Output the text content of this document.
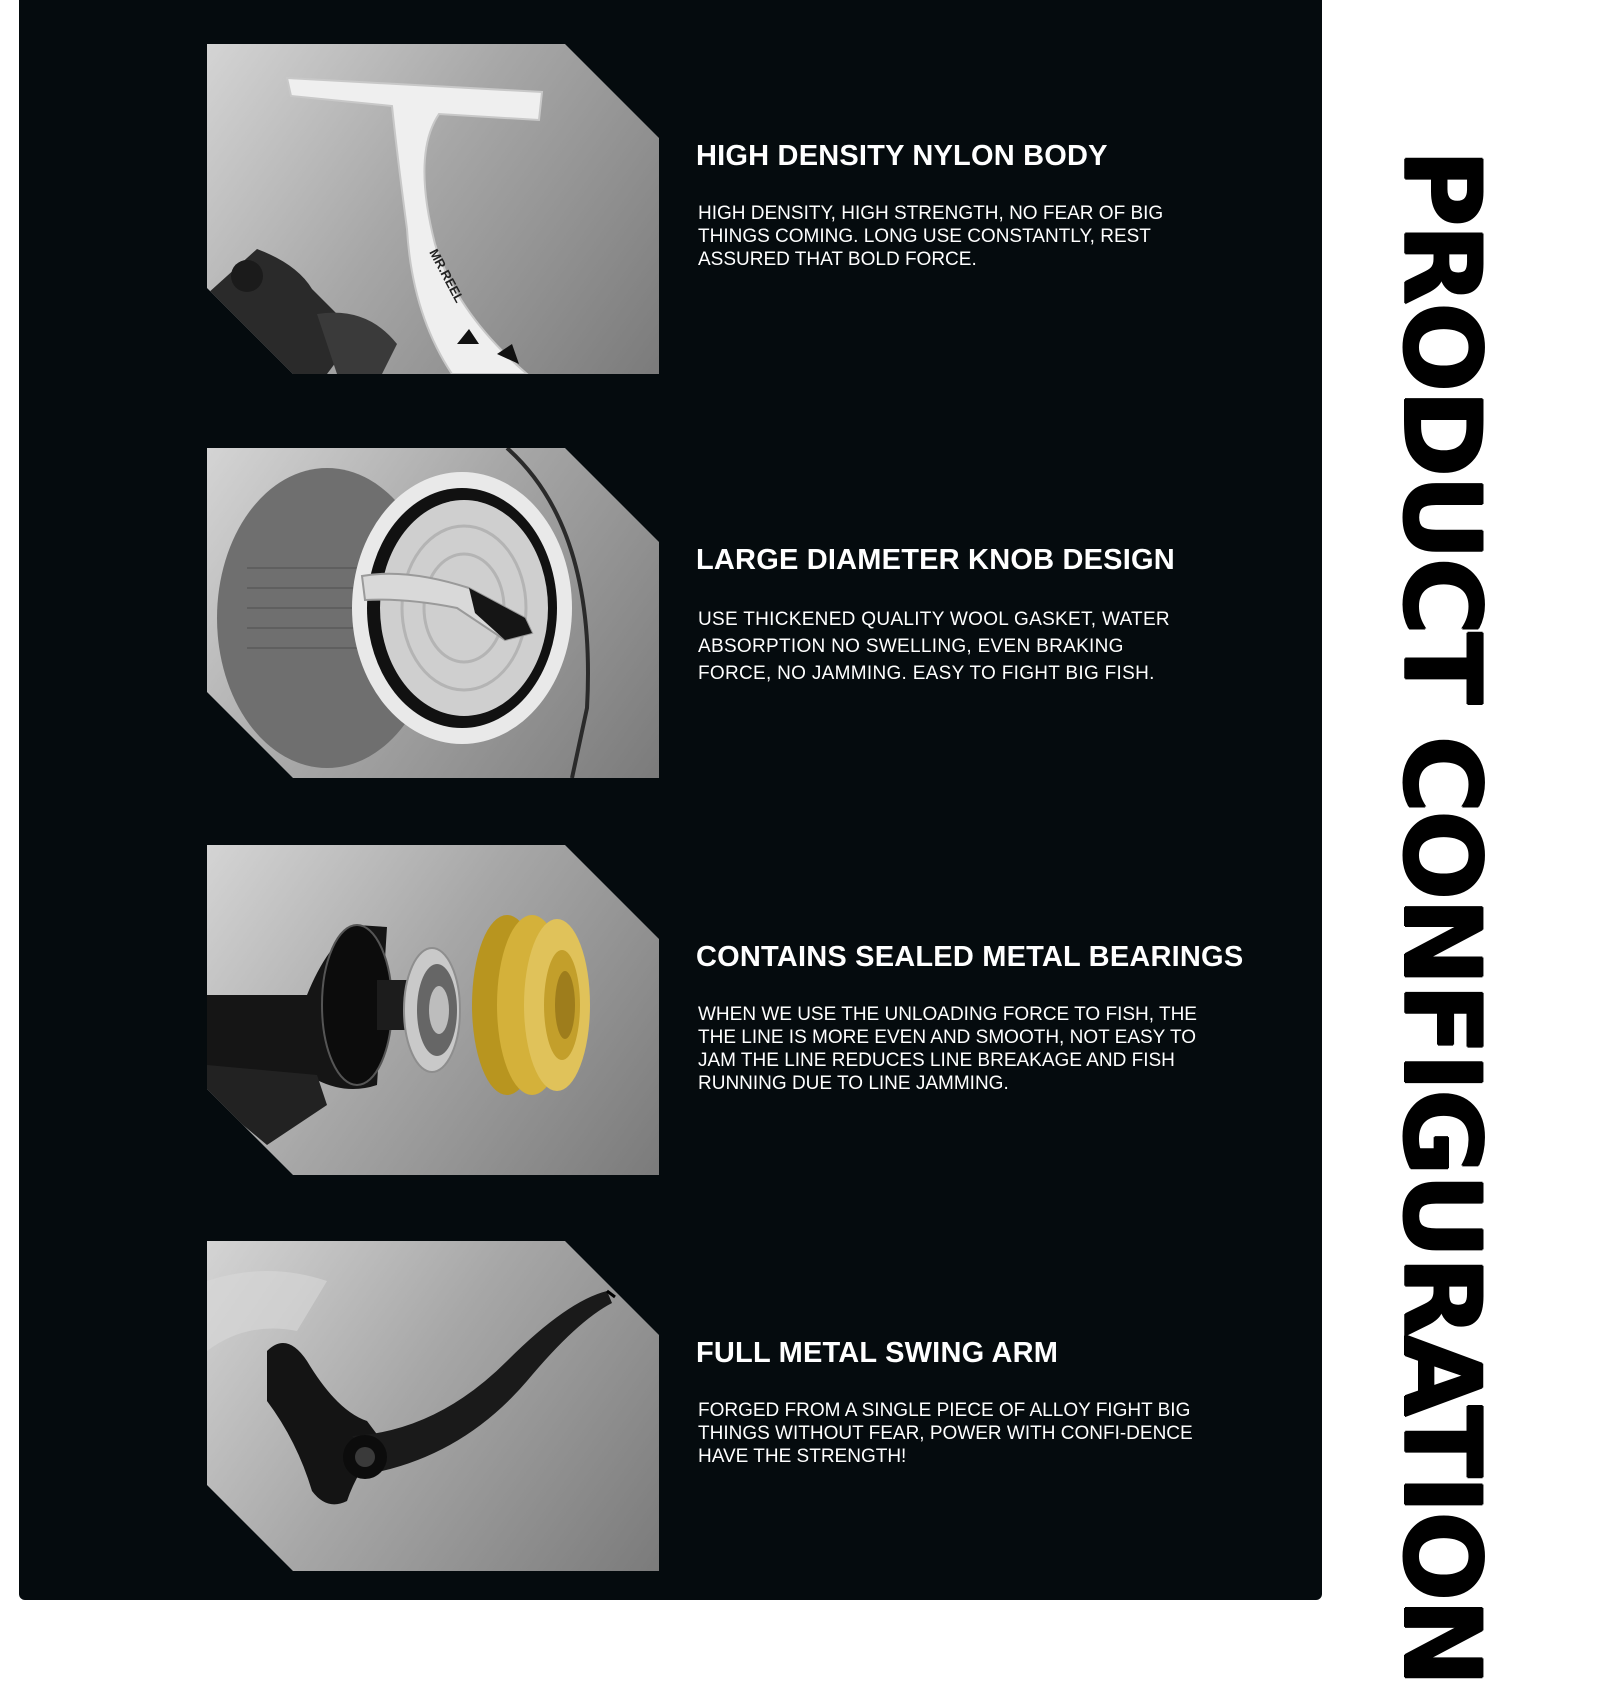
MR.REEL
HIGH DENSITY NYLON BODY

HIGH DENSITY, HIGH STRENGTH, NO FEAR OF BIG THINGS COMING. LONG USE CONSTANTLY, REST ASSURED THAT BOLD FORCE.

LARGE DIAMETER KNOB DESIGN

USE THICKENED QUALITY WOOL GASKET, WATER ABSORPTION NO SWELLING, EVEN BRAKING FORCE, NO JAMMING. EASY TO FIGHT BIG FISH.

CONTAINS SEALED METAL BEARINGS

WHEN WE USE THE UNLOADING FORCE TO FISH, THE THE LINE IS MORE EVEN AND SMOOTH, NOT EASY TO JAM THE LINE REDUCES LINE BREAKAGE AND FISH RUNNING DUE TO LINE JAMMING.

FULL METAL SWING ARM

FORGED FROM A SINGLE PIECE OF ALLOY FIGHT BIG THINGS WITHOUT FEAR, POWER WITH CONFI-DENCE HAVE THE STRENGTH!	PRODUCT CONFIGURATION
